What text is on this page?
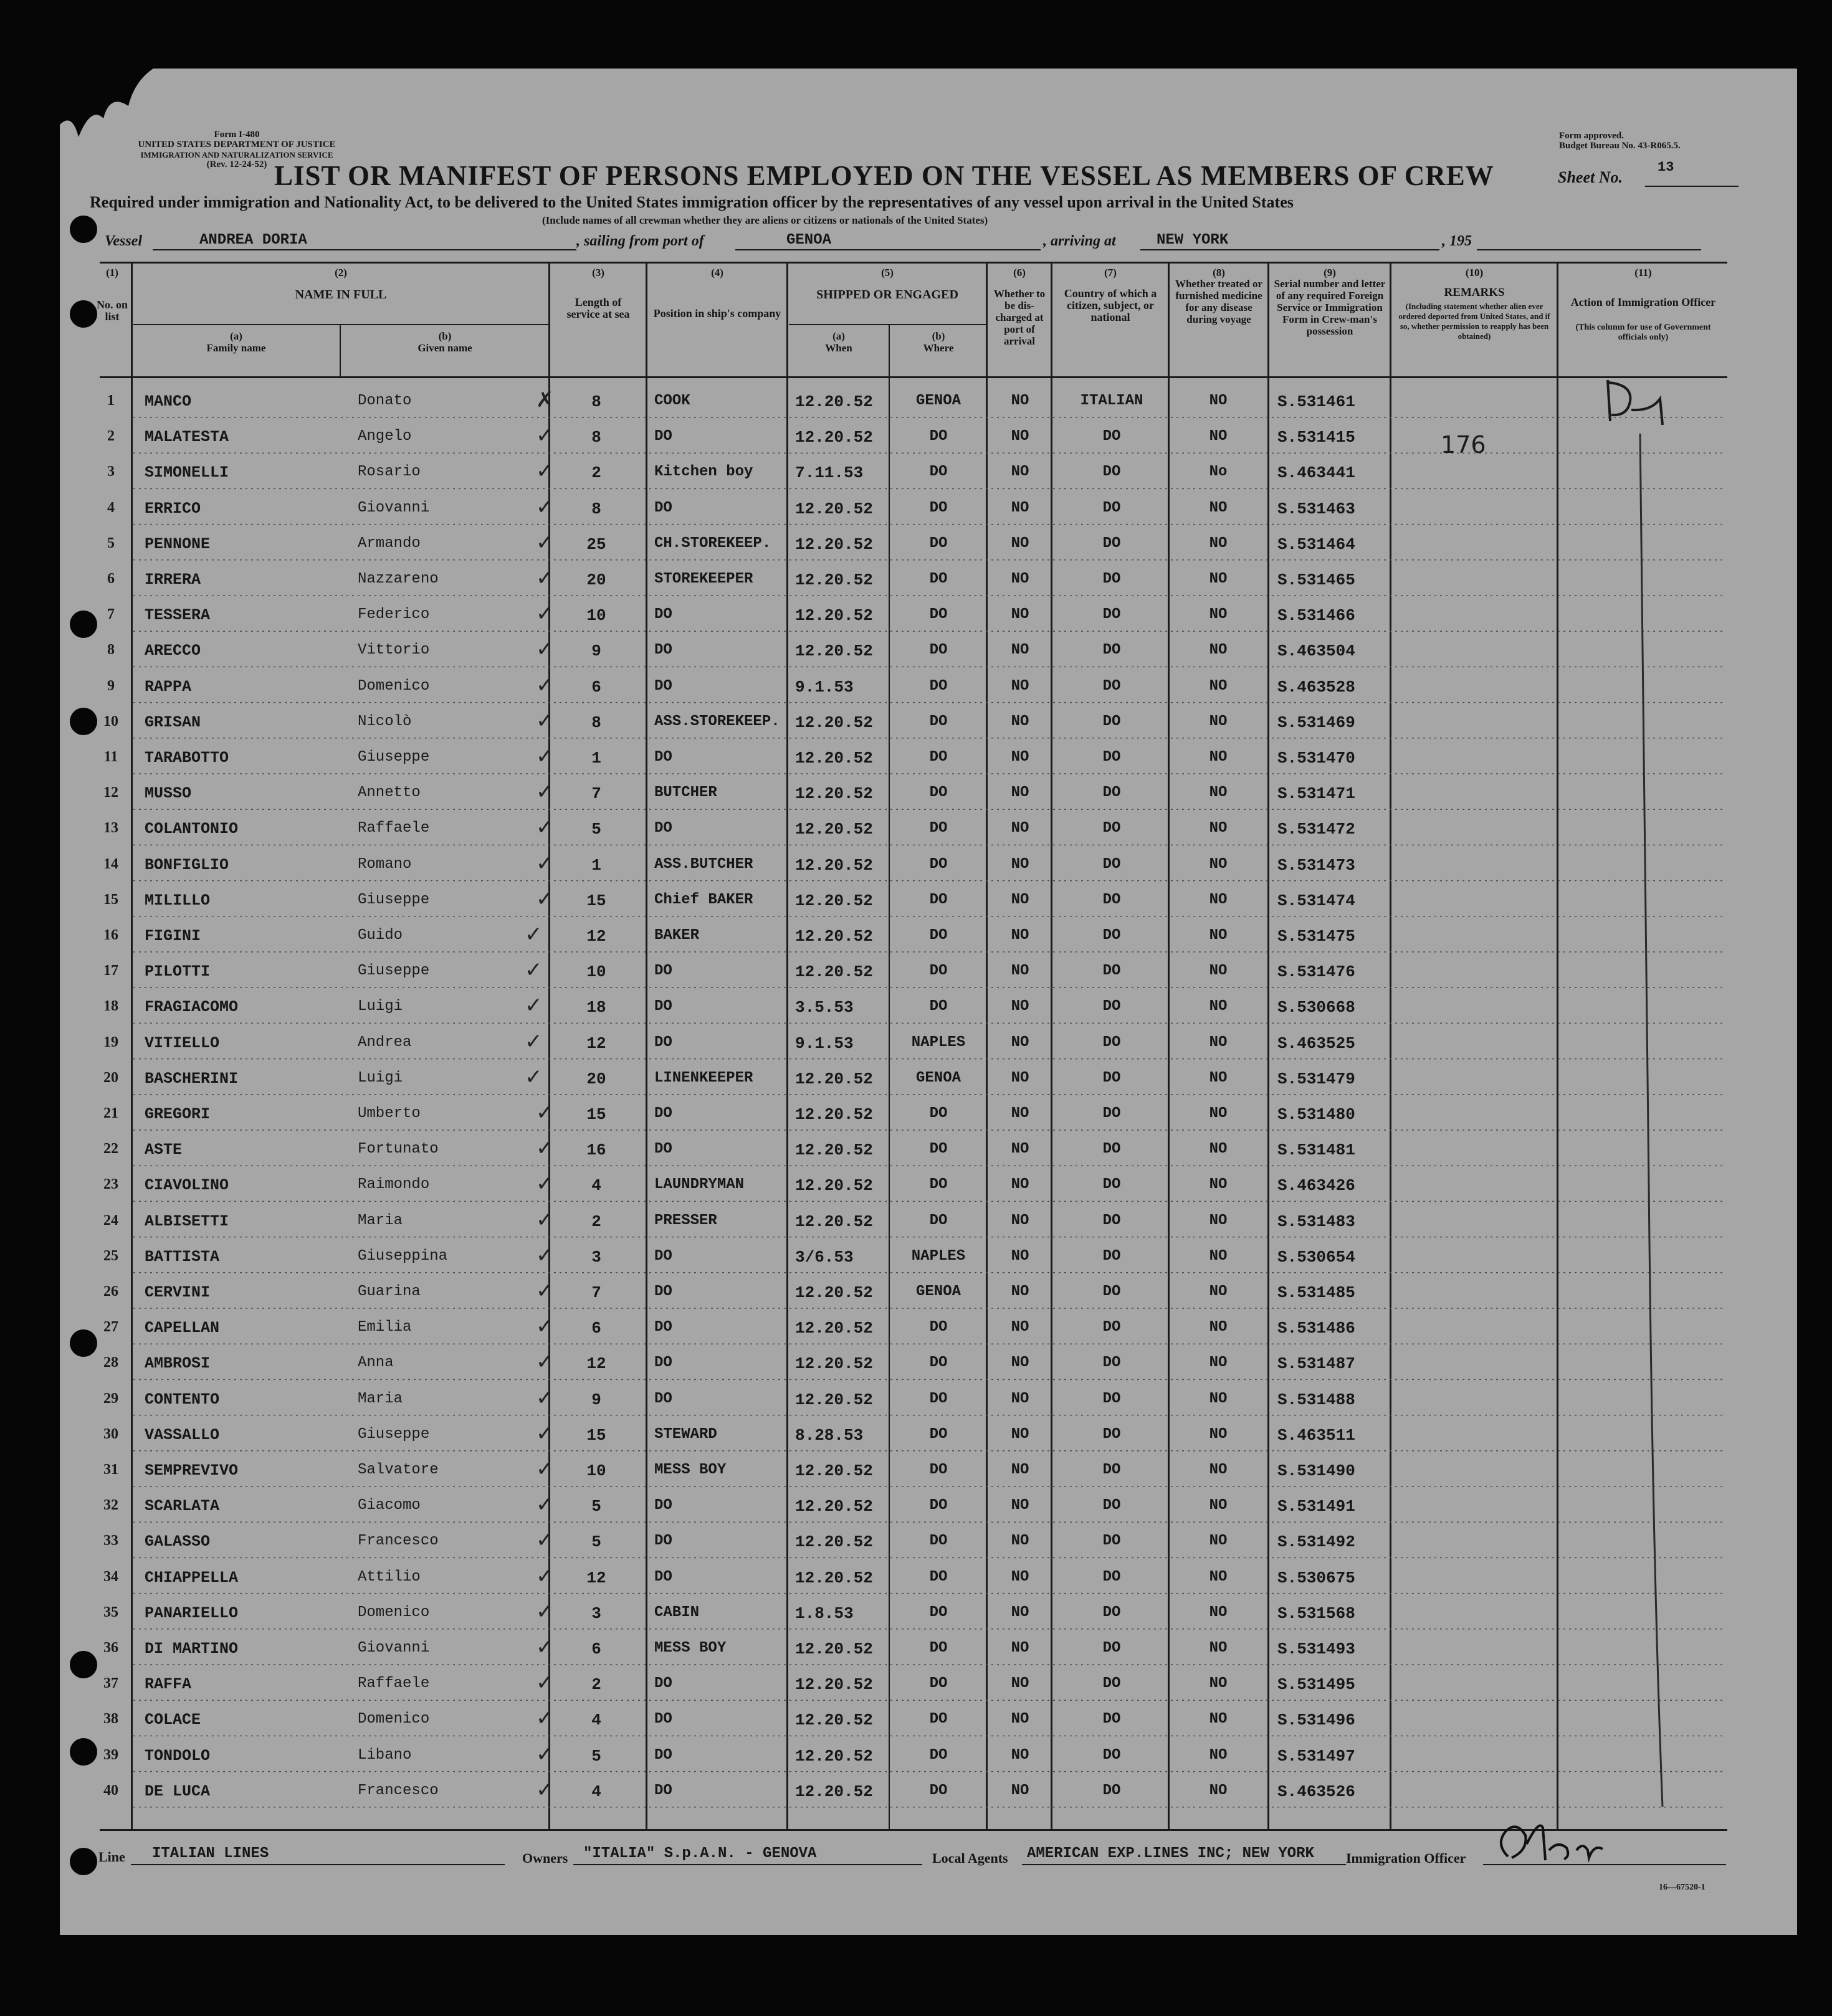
Form I-480
UNITED STATES DEPARTMENT OF JUSTICE
IMMIGRATION AND NATURALIZATION SERVICE
(Rev. 12-24-52)
Form approved.
Budget Bureau No. 43-R065.5.
LIST OR MANIFEST OF PERSONS EMPLOYED ON THE VESSEL AS MEMBERS OF CREW	Sheet No.
13
Required under immigration and Nationality Act, to be delivered to the United States immigration officer by the representatives of any vessel upon arrival in the United States
(Include names of all crewman whether they are aliens or citizens or nationals of the United States)
Vessel	ANDREA DORIA	, sailing from port of	GENOA	, arriving at	NEW YORK	, 195
(1)
No. on list
(2)
NAME IN FULL
(a)
Family name
(b)
Given name
(3)
Length of service at sea
(4)
Position in ship's company
(5)
SHIPPED OR ENGAGED
(a)
When
(b)
Where
(6)
Whether to be dis-charged at port of arrival
(7)
Country of which a citizen, subject, or national
(8)
Whether treated or furnished medicine for any disease during voyage
(9)
Serial number and letter of any required Foreign Service or Immigration Form in Crew-man's possession
(10)
REMARKS
(Including statement whether alien ever ordered deported from United States, and if so, whether permission to reapply has been obtained)
(11)
Action of Immigration Officer
(This column for use of Government officials only)
1	MANCO	Donato	8	COOK	12.20.52	GENOA	NO	ITALIAN	NO	S.531461
✗
2	MALATESTA	Angelo	8	DO	12.20.52	DO	NO	DO	NO	S.531415
✓
3	SIMONELLI	Rosario	2	Kitchen boy	7.11.53	DO	NO	DO	No	S.463441
✓
4	ERRICO	Giovanni	8	DO	12.20.52	DO	NO	DO	NO	S.531463
✓
5	PENNONE	Armando	25	CH.STOREKEEP. 12.20.52	DO	NO	DO	NO	S.531464
✓
6	IRRERA	Nazzareno	20	STOREKEEPER	12.20.52	DO	NO	DO	NO	S.531465
✓
7	TESSERA	Federico	10	DO	12.20.52	DO	NO	DO	NO	S.531466
✓
8	ARECCO	Vittorio	9	DO	12.20.52	DO	NO	DO	NO	S.463504
✓
9	RAPPA	Domenico	6	DO	9.1.53	DO	NO	DO	NO	S.463528
✓
10	GRISAN	Nicolò	8	ASS.STOREKEEP. 12.20.52	DO	NO	DO	NO	S.531469
✓
11	TARABOTTO	Giuseppe	1	DO	12.20.52	DO	NO	DO	NO	S.531470
✓
12	MUSSO	Annetto	7	BUTCHER	12.20.52	DO	NO	DO	NO	S.531471
✓
13	COLANTONIO	Raffaele	5	DO	12.20.52	DO	NO	DO	NO	S.531472
✓
14	BONFIGLIO	Romano	1	ASS.BUTCHER	12.20.52	DO	NO	DO	NO	S.531473
✓
15	MILILLO	Giuseppe	15	Chief BAKER	12.20.52	DO	NO	DO	NO	S.531474
✓
16	FIGINI	Guido	12	BAKER	12.20.52	DO	NO	DO	NO	S.531475
✓
17	PILOTTI	Giuseppe	10	DO	12.20.52	DO	NO	DO	NO	S.531476
✓
18	FRAGIACOMO	Luigi	18	DO	3.5.53	DO	NO	DO	NO	S.530668
✓
19	VITIELLO	Andrea	12	DO	9.1.53	NAPLES	NO	DO	NO	S.463525
✓
20	BASCHERINI	Luigi	20	LINENKEEPER	12.20.52	GENOA	NO	DO	NO	S.531479
✓
21	GREGORI	Umberto	15	DO	12.20.52	DO	NO	DO	NO	S.531480
✓
22	ASTE	Fortunato	16	DO	12.20.52	DO	NO	DO	NO	S.531481
✓
23	CIAVOLINO	Raimondo	4	LAUNDRYMAN	12.20.52	DO	NO	DO	NO	S.463426
✓
24	ALBISETTI	Maria	2	PRESSER	12.20.52	DO	NO	DO	NO	S.531483
✓
25	BATTISTA	Giuseppina	3	DO	3/6.53	NAPLES	NO	DO	NO	S.530654
✓
26	CERVINI	Guarina	7	DO	12.20.52	GENOA	NO	DO	NO	S.531485
✓
27	CAPELLAN	Emilia	6	DO	12.20.52	DO	NO	DO	NO	S.531486
✓
28	AMBROSI	Anna	12	DO	12.20.52	DO	NO	DO	NO	S.531487
✓
29	CONTENTO	Maria	9	DO	12.20.52	DO	NO	DO	NO	S.531488
✓
30	VASSALLO	Giuseppe	15	STEWARD	8.28.53	DO	NO	DO	NO	S.463511
✓
31	SEMPREVIVO	Salvatore	10	MESS BOY	12.20.52	DO	NO	DO	NO	S.531490
✓
32	SCARLATA	Giacomo	5	DO	12.20.52	DO	NO	DO	NO	S.531491
✓
33	GALASSO	Francesco	5	DO	12.20.52	DO	NO	DO	NO	S.531492
✓
34	CHIAPPELLA	Attilio	12	DO	12.20.52	DO	NO	DO	NO	S.530675
✓
35	PANARIELLO	Domenico	3	CABIN	1.8.53	DO	NO	DO	NO	S.531568
✓
36	DI MARTINO	Giovanni	6	MESS BOY	12.20.52	DO	NO	DO	NO	S.531493
✓
37	RAFFA	Raffaele	2	DO	12.20.52	DO	NO	DO	NO	S.531495
✓
38	COLACE	Domenico	4	DO	12.20.52	DO	NO	DO	NO	S.531496
✓
39	TONDOLO	Libano	5	DO	12.20.52	DO	NO	DO	NO	S.531497
✓
40	DE LUCA	Francesco	4	DO	12.20.52	DO	NO	DO	NO	S.463526
✓
176
Line ITALIAN LINES	Owners "ITALIA" S.p.A.N. - GENOVA	Local Agents AMERICAN EXP.LINES INC; NEW YORK Immigration Officer
16—67520-1
